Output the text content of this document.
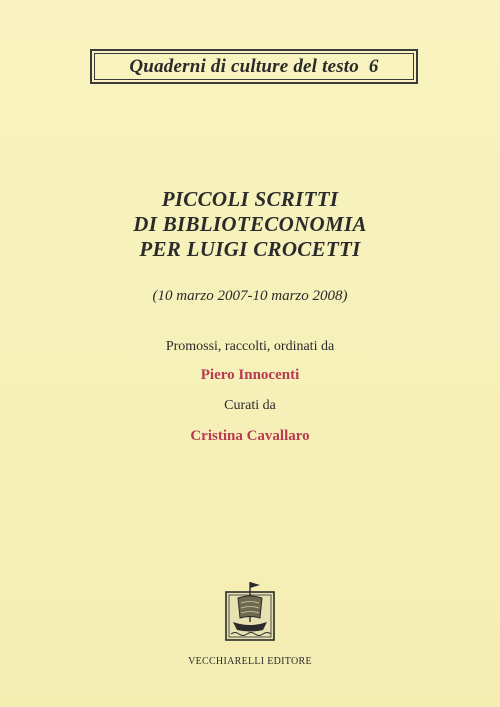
Quaderni di culture del testo 6
PICCOLI SCRITTI
DI BIBLIOTECONOMIA
PER LUIGI CROCETTI
(10 marzo 2007-10 marzo 2008)
Promossi, raccolti, ordinati da
Piero Innocenti
Curati da
Cristina Cavallaro
VECCHIARELLI EDITORE
